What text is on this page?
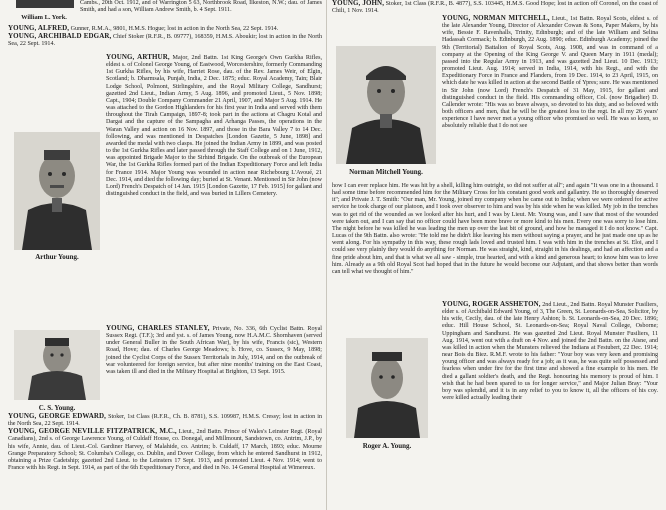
Cambs., 20th Oct. 1912, and of Warrington 5 63, Northbrook Road, Ilkeston, N.W.; dau. of James Smith, and had a son, William Andrew Smith, b. 4 Sept. 1911.

William L. York.

YOUNG, ALFRED, Gunner, R.M.A., 9801, H.M.S. Hogue; lost in action in the North Sea, 22 Sept. 1914.

YOUNG, ARCHIBALD EDGAR, Chief Stoker (R.F.R., B. 09777), 168359, H.M.S. Aboukir; lost in action in the North Sea, 22 Sept. 1914.

YOUNG, ARTHUR, Major, 2nd Battn. 1st King George's Own Gurkha Rifles, eldest s. of Colonel George Young, of Eastwood, Worcestershire, formerly Commanding 1st Gurkha Rifles, by his wife, Harriet Rose, dau. of the Rev. James Weir, of Elgin, Scotland; b. Dharmsala, Punjab, India, 2 Dec. 1875; educ. Royal Academy, Tain; Blair Lodge School, Polmont, Stirlingshire, and the Royal Military College, Sandhurst; gazetted 2nd Lieut., Indian Army, 5 Aug. 1896, and promoted Lieut., 5 Nov. 1898; Capt., 1904; Double Company Commander 21 April, 1907, and Major 5 Aug. 1914. He was attached to the Gordon Highlanders for his first year in India and served with them throughout the Tirah Campaign, 1897-8; took part in the actions at Chagru Kotal and Dargai and the capture of the Sampagha and Arhanga Passes, the operations in the Waran Valley and action on 16 Nov. 1897, and those in the Bara Valley 7 to 14 Dec. following, and was mentioned in Despatches [London Gazette, 5 June, 1898] and awarded the medal with two clasps. He joined the Indian Army in 1899, and was posted to the 1st Gurkha Rifles and later passed through the Staff College and on 1 June, 1912, was appointed Brigade Major to the Sirhind Brigade. On the outbreak of the European War, the 1st Gurkha Rifles formed part of the Indian Expeditionary Force and left India for France 1914. Major Young was wounded in action near Richebourg L'Avoué, 21 Dec. 1914, and died the following day; buried at St. Venant. Mentioned in Sir John (now Lord) French's Despatch of 14 Jan. 1915 [London Gazette, 17 Feb. 1915] for gallant and distinguished conduct in the field, and was buried in Lillers Cemetery.

Arthur Young.

YOUNG, CHARLES STANLEY, Private, No. 336, 6th Cyclist Battn. Royal Sussex Regt. (T.F.); 3rd and yst. s. of James Young, now H.A.M.C. Shornhaven (served under General Buller in the South African War), by his wife, Francis (sic), Western Road, Hove; dau. of Charles George Meadows; b. Hove, co. Sussex, 9 May, 1898; joined the Cyclist Corps of the Sussex Territorials in July, 1914, and on the outbreak of war volunteered for foreign service, but after nine months' training on the East Coast, was taken ill and died in the Military Hospital at Brighton, 13 Sept. 1915.

C. S. Young.

YOUNG, GEORGE EDWARD, Stoker, 1st Class (R.F.R., Ch. B. 8781), S.S. 109987, H.M.S. Cressy; lost in action in the North Sea, 22 Sept. 1914.

YOUNG, GEORGE NEVILLE FITZPATRICK, M.C., Lieut., 2nd Battn. Prince of Wales's Leinster Regt. (Royal Canadians), 2nd s. of George Lawrence Young, of Culdaff House, co. Donegal, and Millmount, Sandstown, co. Antrim, J.P., by his wife, Annie, dau. of Lieut.-Col. Gardiner Harvey, of Malahide, co. Antrim; b. Culdaff, 17 March, 1893; educ. Mourne Grange Preparatory School; St. Columba's College, co. Dublin, and Dover College, from which he entered Sandhurst in 1912, obtaining a Prize Cadetship; gazetted 2nd Lieut. to the Leinsters 17 Sept. 1913, and promoted Lieut. 4 Nov. 1914; went to France with his Regt. in Sept. 1914, as part of the 6th Expeditionary Force, and died in No. 14 General Hospital at Wimereux.

YOUNG, JOHN, Stoker, 1st Class (R.F.R., B. 4877), S.S. 103445, H.M.S. Good Hope; lost in action off Coronel, on the coast of Chili, 1 Nov. 1914.

YOUNG, NORMAN MITCHELL, Lieut., 1st Battn. Royal Scots, eldest s. of the late Alexander Young, Director of Alexander Cowan & Sons, Paper Makers, by his wife, Bessie F. Ravenhalls, Trinity, Edinburgh; and of the late William and Selina Hadassah Cormack; b. Edinburgh, 22 Aug. 1890; educ. Edinburgh Academy; joined the 9th (Territorial) Battalion of Royal Scots, Aug. 1908, and was in command of a company at the Opening of the King George V. and Queen Mary in 1911 (medal); passed into the Regular Army in 1913, and was gazetted 2nd Lieut. 10 Dec. 1913; promoted Lieut. Aug. 1914; served in India, 1914, with his Regt., and with the Expeditionary Force in France and Flanders, from 19 Dec. 1914, to 23 April, 1915, on which date he was killed in action at the second Battle of Ypres; sure. He was mentioned in Sir John (now Lord) French's Despatch of 31 May, 1915, for gallant and distinguished conduct in the field. His commanding officer, Col. (now Brigadier) D. Callender wrote: "His was so brave always, so devoted to his duty, and so beloved with both officers and men, that he will be the greatest loss to the regt. In all my 26 years' experience I have never met a young officer who promised so well. He was so keen, so absolutely reliable that I do not see

Norman Mitchell Young.

how I can ever replace him. He was hit by a shell, killing him outright, so did not suffer at all"; and again "It was one in a thousand. I had some time before recommended him for the Military Cross for his constant good work and gallantry. He so thoroughly deserved it"; and Private J. T. Smith: "Our man, Mr. Young, joined my company when he came out to India; when we were ordered for active service he took charge of our platoon, and I took over observer to him and was by his side when he was killed. My job in the trenches was to get rid of the wounded as we looked after his hurt, and I was by Lieut. Mr. Young was, and I saw that most of the wounded were taken out, and I can say that no officer could have been more brave or more kind to his men. Every one was sorry to lose him. The night before he was killed he was leading the men up over the last bit of ground, and how he managed it I do not know." Capt. Lucas of the 9th Battn. also wrote: "He told me he didn't like leaving his men without saying a prayer, and he just made one up as he went along. For his sympathy in this way, these rough lads loved and trusted him. I was with him in the trenches at St. Eloi, and I could see very plainly they would do anything for Norman. He was straight, kind, straight in his dealings, and had an affection and a fine pride about him, and that is what we all saw - simple, true hearted, and with a kind and generous heart; to know him was to love him. Already as a 9th old Royal Scot had hoped that in the future he would become our Adjutant, and that shows better than words can tell what we thought of him."

YOUNG, ROGER ASSHETON, 2nd Lieut., 2nd Battn. Royal Munster Fusiliers, elder s. of Archibald Edward Young, of 3, The Green, St. Leonards-on-Sea, Solicitor, by his wife, Cecily, dau. of the late Henry Ashton; b. St. Leonards-on-Sea, 20 Dec. 1896; educ. Hill House School, St. Leonards-on-Sea; Royal Naval College, Osborne; Uppingham and Sandhurst. He was gazetted 2nd Lieut. Royal Munster Fusiliers, 11 Aug. 1914, went out with a draft on 4 Nov. and joined the 2nd Battn. on the Aisne, and was killed in action when the Munsters relieved the Indians at Festubert, 22 Dec. 1914; near Bois du Biez. R.M.F. wrote to his father: "Your boy was very keen and promising young officer and was always ready for a job; as it was, he was quite self possessed and fearless when under fire for the first time and showed a fine example to his men. He died a gallant soldier's death, and the Regt. honouring his memory is proud of him. I wish that he had been spared to us for longer service," and Major Julian Bray: "Your boy was splendid, and it is in any relief to you to know it, all the officers of his coy. were killed actually leading their

Roger A. Young.
